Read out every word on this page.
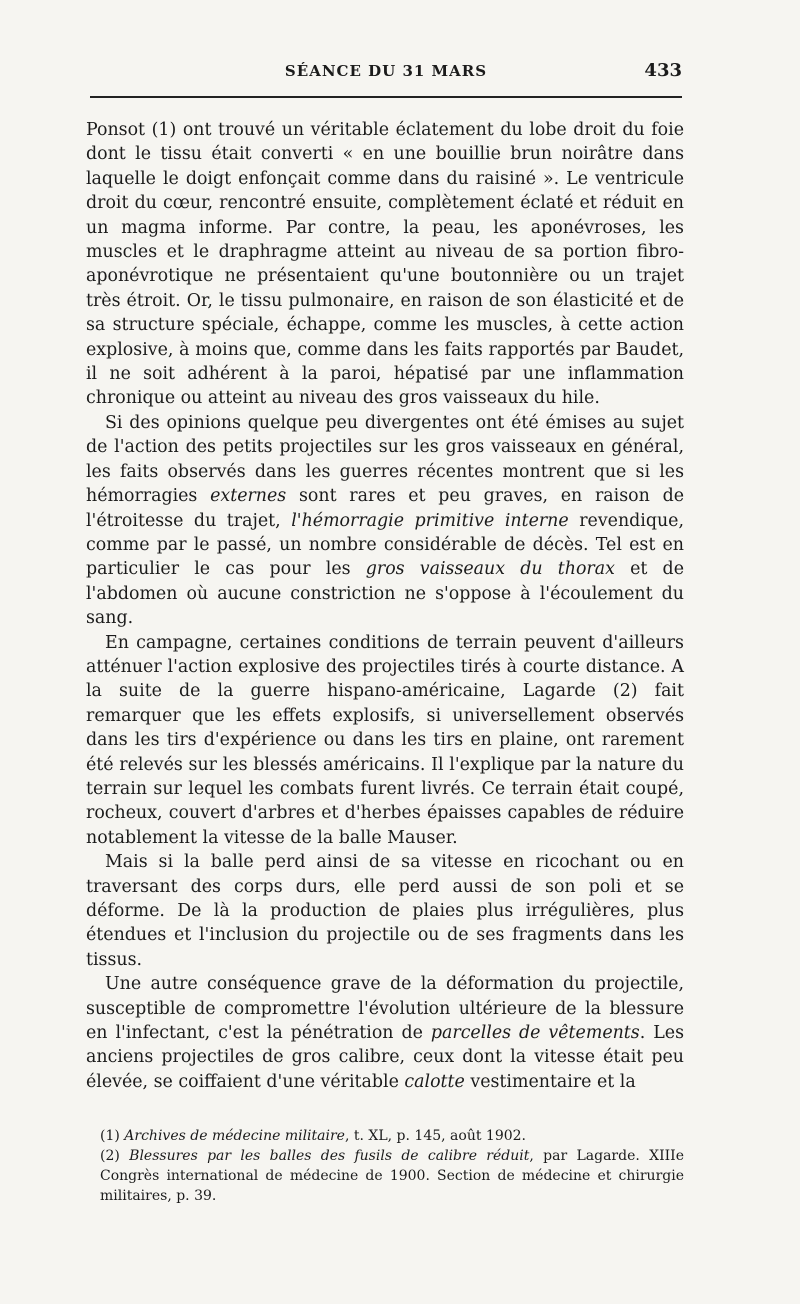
SÉANCE DU 31 MARS	433

Ponsot (1) ont trouvé un véritable éclatement du lobe droit du foie dont le tissu était converti « en une bouillie brun noirâtre dans laquelle le doigt enfonçait comme dans du raisiné ». Le ventricule droit du cœur, rencontré ensuite, complètement éclaté et réduit en un magma informe. Par contre, la peau, les aponévroses, les muscles et le draphragme atteint au niveau de sa portion fibro-aponévrotique ne présentaient qu'une boutonnière ou un trajet très étroit. Or, le tissu pulmonaire, en raison de son élasticité et de sa structure spéciale, échappe, comme les muscles, à cette action explosive, à moins que, comme dans les faits rapportés par Baudet, il ne soit adhérent à la paroi, hépatisé par une inflammation chronique ou atteint au niveau des gros vaisseaux du hile.

Si des opinions quelque peu divergentes ont été émises au sujet de l'action des petits projectiles sur les gros vaisseaux en général, les faits observés dans les guerres récentes montrent que si les hémorragies externes sont rares et peu graves, en raison de l'étroitesse du trajet, l'hémorragie primitive interne revendique, comme par le passé, un nombre considérable de décès. Tel est en particulier le cas pour les gros vaisseaux du thorax et de l'abdomen où aucune constriction ne s'oppose à l'écoulement du sang.

En campagne, certaines conditions de terrain peuvent d'ailleurs atténuer l'action explosive des projectiles tirés à courte distance. A la suite de la guerre hispano-américaine, Lagarde (2) fait remarquer que les effets explosifs, si universellement observés dans les tirs d'expérience ou dans les tirs en plaine, ont rarement été relevés sur les blessés américains. Il l'explique par la nature du terrain sur lequel les combats furent livrés. Ce terrain était coupé, rocheux, couvert d'arbres et d'herbes épaisses capables de réduire notablement la vitesse de la balle Mauser.

Mais si la balle perd ainsi de sa vitesse en ricochant ou en traversant des corps durs, elle perd aussi de son poli et se déforme. De là la production de plaies plus irrégulières, plus étendues et l'inclusion du projectile ou de ses fragments dans les tissus.

Une autre conséquence grave de la déformation du projectile, susceptible de compromettre l'évolution ultérieure de la blessure en l'infectant, c'est la pénétration de parcelles de vêtements. Les anciens projectiles de gros calibre, ceux dont la vitesse était peu élevée, se coiffaient d'une véritable calotte vestimentaire et la

(1) Archives de médecine militaire, t. XL, p. 145, août 1902.

(2) Blessures par les balles des fusils de calibre réduit, par Lagarde. XIIIe Congrès international de médecine de 1900. Section de médecine et chirurgie militaires, p. 39.
